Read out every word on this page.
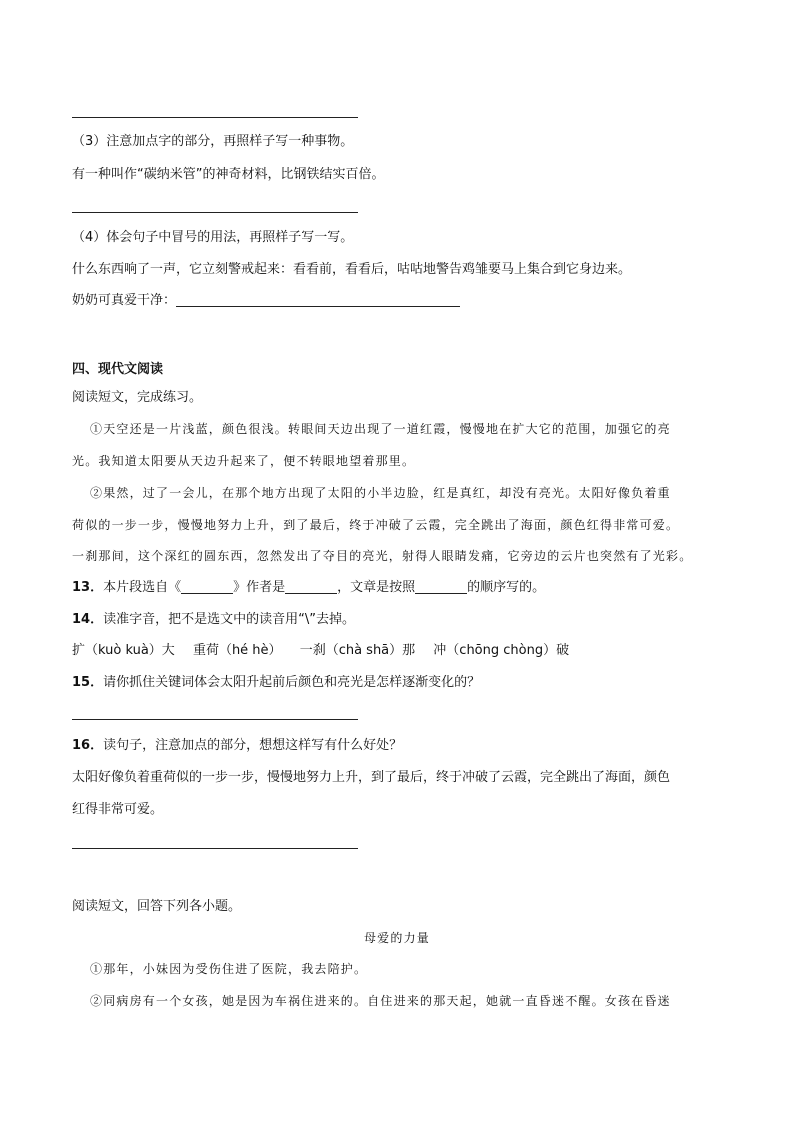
（3）注意加点字的部分，再照样子写一种事物。
有一种叫作“碳纳米管”的神奇材料，比钢铁结实百倍。
（4）体会句子中冒号的用法，再照样子写一写。
什么东西响了一声，它立刻警戒起来：看看前，看看后，咕咕地警告鸡雏要马上集合到它身边来。
奶奶可真爱干净：
四、现代文阅读
阅读短文，完成练习。
①天空还是一片浅蓝，颜色很浅。转眼间天边出现了一道红霞，慢慢地在扩大它的范围，加强它的亮
光。我知道太阳要从天边升起来了，便不转眼地望着那里。
②果然，过了一会儿，在那个地方出现了太阳的小半边脸，红是真红，却没有亮光。太阳好像负着重
荷似的一步一步，慢慢地努力上升，到了最后，终于冲破了云霞，完全跳出了海面，颜色红得非常可爱。
一刹那间，这个深红的圆东西，忽然发出了夺目的亮光，射得人眼睛发痛，它旁边的云片也突然有了光彩。
13．本片段选自《	》作者是	，文章是按照	的顺序写的。
14．读准字音，把不是选文中的读音用“\”去掉。
扩（kuò kuà）大 重荷（hé hè） 一刹（chà shā）那 冲（chōng chòng）破
15．请你抓住关键词体会太阳升起前后颜色和亮光是怎样逐渐变化的？
16．读句子，注意加点的部分，想想这样写有什么好处？
太阳好像负着重荷似的一步一步，慢慢地努力上升，到了最后，终于冲破了云霞，完全跳出了海面，颜色
红得非常可爱。
阅读短文，回答下列各小题。
母爱的力量
①那年，小妹因为受伤住进了医院，我去陪护。
②同病房有一个女孩，她是因为车祸住进来的。自住进来的那天起，她就一直昏迷不醒。女孩在昏迷
